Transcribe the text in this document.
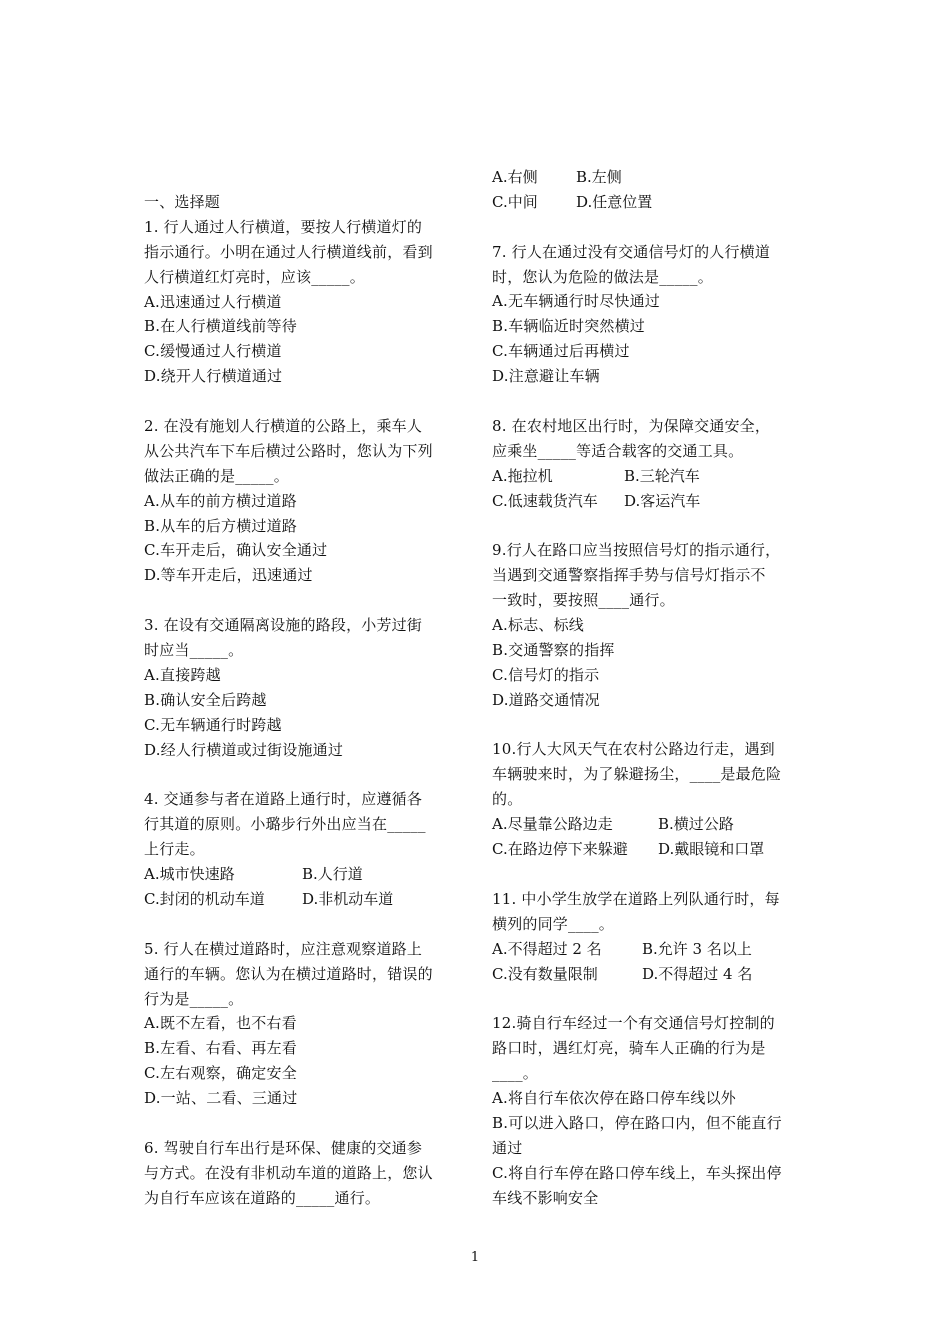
一、选择题
1. 行人通过人行横道，要按人行横道灯的
指示通行。小明在通过人行横道线前，看到
人行横道红灯亮时，应该_____。
A.迅速通过人行横道
B.在人行横道线前等待
C.缓慢通过人行横道
D.绕开人行横道通过
2. 在没有施划人行横道的公路上，乘车人
从公共汽车下车后横过公路时，您认为下列
做法正确的是_____。
A.从车的前方横过道路
B.从车的后方横过道路
C.车开走后，确认安全通过
D.等车开走后，迅速通过
3. 在设有交通隔离设施的路段，小芳过街
时应当_____。
A.直接跨越
B.确认安全后跨越
C.无车辆通行时跨越
D.经人行横道或过街设施通过
4. 交通参与者在道路上通行时，应遵循各
行其道的原则。小璐步行外出应当在_____
上行走。
A.城市快速路	B.人行道
C.封闭的机动车道	D.非机动车道
5. 行人在横过道路时，应注意观察道路上
通行的车辆。您认为在横过道路时，错误的
行为是_____。
A.既不左看，也不右看
B.左看、右看、再左看
C.左右观察，确定安全
D.一站、二看、三通过
6. 驾驶自行车出行是环保、健康的交通参
与方式。在没有非机动车道的道路上，您认
为自行车应该在道路的_____通行。
A.右侧	B.左侧
C.中间	D.任意位置
7. 行人在通过没有交通信号灯的人行横道
时，您认为危险的做法是_____。
A.无车辆通行时尽快通过
B.车辆临近时突然横过
C.车辆通过后再横过
D.注意避让车辆
8. 在农村地区出行时，为保障交通安全，
应乘坐_____等适合载客的交通工具。
A.拖拉机	B.三轮汽车
C.低速载货汽车	D.客运汽车
9.行人在路口应当按照信号灯的指示通行，
当遇到交通警察指挥手势与信号灯指示不
一致时，要按照____通行。
A.标志、标线
B.交通警察的指挥
C.信号灯的指示
D.道路交通情况
10.行人大风天气在农村公路边行走，遇到
车辆驶来时，为了躲避扬尘，____是最危险
的。
A.尽量靠公路边走	B.横过公路
C.在路边停下来躲避	D.戴眼镜和口罩
11. 中小学生放学在道路上列队通行时，每
横列的同学____。
A.不得超过 2 名	B.允许 3 名以上
C.没有数量限制	D.不得超过 4 名
12.骑自行车经过一个有交通信号灯控制的
路口时，遇红灯亮，骑车人正确的行为是
____。
A.将自行车依次停在路口停车线以外
B.可以进入路口，停在路口内，但不能直行
通过
C.将自行车停在路口停车线上，车头探出停
车线不影响安全
1
